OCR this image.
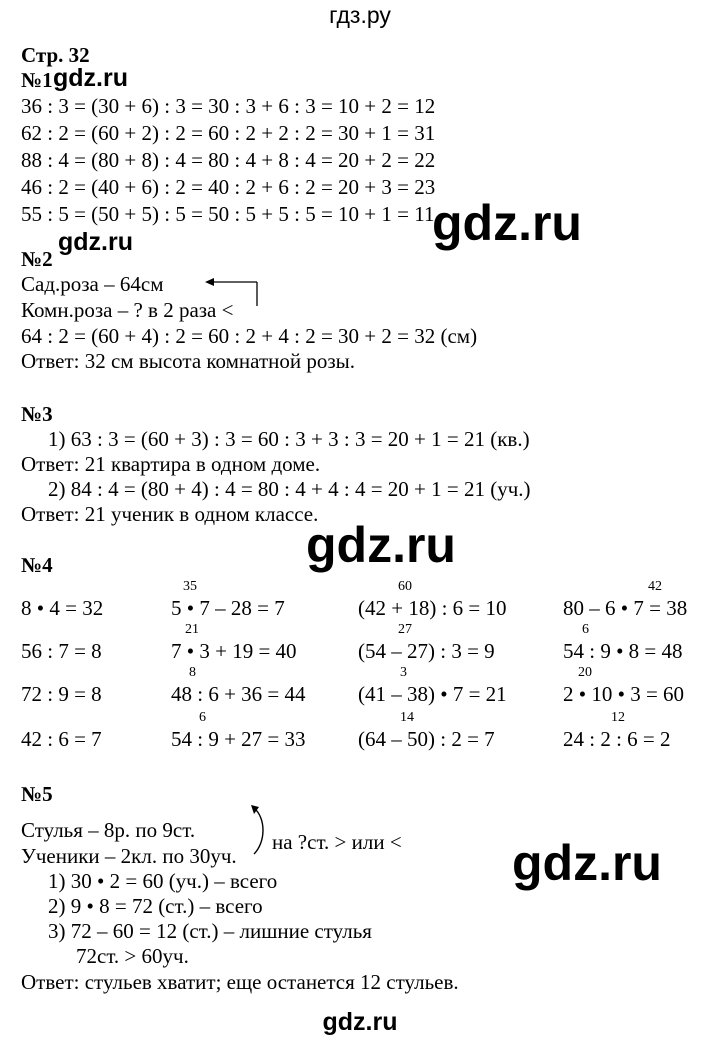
гдз.ру
Стр. 32
№1 gdz.ru
36 : 3 = (30 + 6) : 3 = 30 : 3 + 6 : 3 = 10 + 2 = 12
62 : 2 = (60 + 2) : 2 = 60 : 2 + 2 : 2 = 30 + 1 = 31
88 : 4 = (80 + 8) : 4 = 80 : 4 + 8 : 4 = 20 + 2 = 22
46 : 2 = (40 + 6) : 2 = 40 : 2 + 6 : 2 = 20 + 3 = 23
55 : 5 = (50 + 5) : 5 = 50 : 5 + 5 : 5 = 10 + 1 = 11
gdz.ru
gdz.ru
№2
Сад.роза – 64см
Комн.роза – ? в 2 раза <
64 : 2 = (60 + 4) : 2 = 60 : 2 + 4 : 2 = 30 + 2 = 32 (см)
Ответ: 32 см высота комнатной розы.
№3
1) 63 : 3 = (60 + 3) : 3 = 60 : 3 + 3 : 3 = 20 + 1 = 21 (кв.)
Ответ: 21 квартира в одном доме.
2) 84 : 4 = (80 + 4) : 4 = 80 : 4 + 4 : 4 = 20 + 1 = 21 (уч.)
Ответ: 21 ученик в одном классе.
gdz.ru
№4
35	60	42
8 • 4 = 32	5 • 7 – 28 = 7	(42 + 18) : 6 = 10	80 – 6 • 7 = 38
21	27	6
56 : 7 = 8	7 • 3 + 19 = 40	(54 – 27) : 3 = 9	54 : 9 • 8 = 48
8	3	20
72 : 9 = 8	48 : 6 + 36 = 44 (41 – 38) • 7 = 21	2 • 10 • 3 = 60
6	14	12
42 : 6 = 7	54 : 9 + 27 = 33 (64 – 50) : 2 = 7	24 : 2 : 6 = 2
№5
Стулья – 8р. по 9ст.	на ?ст. > или <
Ученики – 2кл. по 30уч.	gdz.ru
1) 30 • 2 = 60 (уч.) – всего
2) 9 • 8 = 72 (ст.) – всего
3) 72 – 60 = 12 (ст.) – лишние стулья
72ст. > 60уч.
Ответ: стульев хватит; еще останется 12 стульев.
gdz.ru
